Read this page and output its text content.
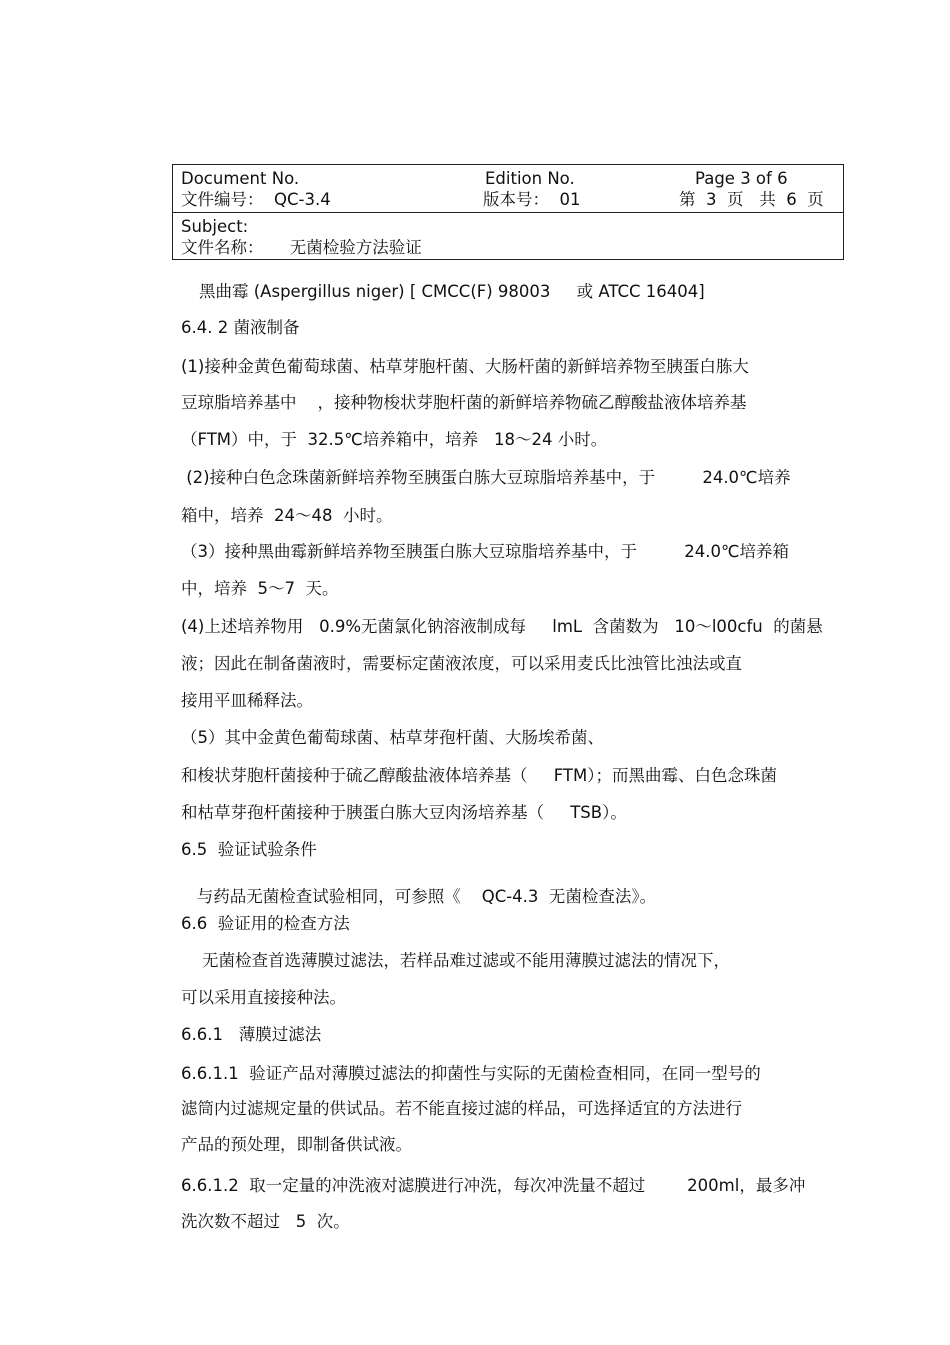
Document No.
文件编号：  QC-3.4
Edition No.
版本号：  01
Page 3 of 6
第  3  页   共  6  页
Subject:
文件名称：     无菌检验方法验证
黑曲霉 (Aspergillus niger) [ CMCC(F) 98003     或 ATCC 16404]
6.4. 2 菌液制备
(1)接种金黄色葡萄球菌、枯草芽胞杆菌、大肠杆菌的新鲜培养物至胰蛋白胨大
豆琼脂培养基中    ，接种物梭状芽胞杆菌的新鲜培养物硫乙醇酸盐液体培养基
（FTM）中，于  32.5℃培养箱中，培养   18～24 小时。
(2)接种白色念珠菌新鲜培养物至胰蛋白胨大豆琼脂培养基中，于         24.0℃培养
箱中，培养  24～48  小时。
（3）接种黑曲霉新鲜培养物至胰蛋白胨大豆琼脂培养基中，于         24.0℃培养箱
中，培养  5～7  天。
(4)上述培养物用   0.9%无菌氯化钠溶液制成每     lmL  含菌数为   10～l00cfu  的菌悬
液；因此在制备菌液时，需要标定菌液浓度，可以采用麦氏比浊管比浊法或直
接用平皿稀释法。
（5）其中金黄色葡萄球菌、枯草芽孢杆菌、大肠埃希菌、
和梭状芽胞杆菌接种于硫乙醇酸盐液体培养基（     FTM）；而黑曲霉、白色念珠菌
和枯草芽孢杆菌接种于胰蛋白胨大豆肉汤培养基（     TSB）。
6.5  验证试验条件
与药品无菌检查试验相同，可参照《    QC-4.3  无菌检查法》。
6.6  验证用的检查方法
无菌检查首选薄膜过滤法，若样品难过滤或不能用薄膜过滤法的情况下，
可以采用直接接种法。
6.6.1   薄膜过滤法
6.6.1.1  验证产品对薄膜过滤法的抑菌性与实际的无菌检查相同，在同一型号的
滤筒内过滤规定量的供试品。若不能直接过滤的样品，可选择适宜的方法进行
产品的预处理，即制备供试液。
6.6.1.2  取一定量的冲洗液对滤膜进行冲洗，每次冲洗量不超过        200ml，最多冲
洗次数不超过   5  次。
